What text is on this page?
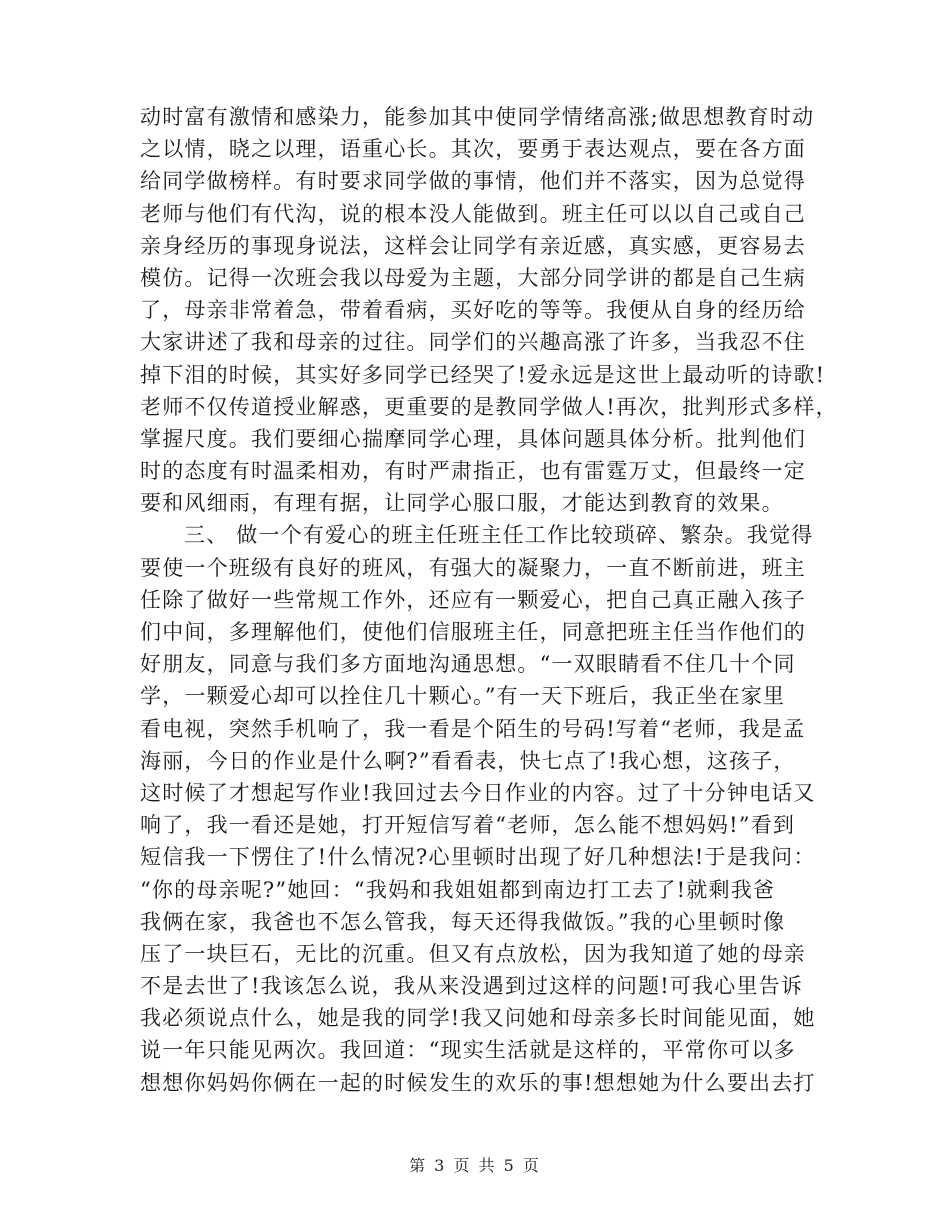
动时富有激情和感染力，能参加其中使同学情绪高涨;做思想教育时动
之以情，晓之以理，语重心长。其次，要勇于表达观点，要在各方面
给同学做榜样。有时要求同学做的事情，他们并不落实，因为总觉得
老师与他们有代沟，说的根本没人能做到。班主任可以以自己或自己
亲身经历的事现身说法，这样会让同学有亲近感，真实感，更容易去
模仿。记得一次班会我以母爱为主题，大部分同学讲的都是自己生病
了，母亲非常着急，带着看病，买好吃的等等。我便从自身的经历给
大家讲述了我和母亲的过往。同学们的兴趣高涨了许多，当我忍不住
掉下泪的时候，其实好多同学已经哭了!爱永远是这世上最动听的诗歌!
老师不仅传道授业解惑，更重要的是教同学做人!再次，批判形式多样，
掌握尺度。我们要细心揣摩同学心理，具体问题具体分析。批判他们
时的态度有时温柔相劝，有时严肃指正，也有雷霆万丈，但最终一定
要和风细雨，有理有据，让同学心服口服，才能达到教育的效果。
三、 做一个有爱心的班主任班主任工作比较琐碎、繁杂。我觉得
要使一个班级有良好的班风，有强大的凝聚力，一直不断前进，班主
任除了做好一些常规工作外，还应有一颗爱心，把自己真正融入孩子
们中间，多理解他们，使他们信服班主任，同意把班主任当作他们的
好朋友，同意与我们多方面地沟通思想。“一双眼睛看不住几十个同
学，一颗爱心却可以拴住几十颗心。”有一天下班后，我正坐在家里
看电视，突然手机响了，我一看是个陌生的号码!写着“老师，我是孟
海丽，今日的作业是什么啊?”看看表，快七点了!我心想，这孩子，
这时候了才想起写作业!我回过去今日作业的内容。过了十分钟电话又
响了，我一看还是她，打开短信写着“老师，怎么能不想妈妈!”看到
短信我一下愣住了!什么情况?心里顿时出现了好几种想法!于是我问：
“你的母亲呢?”她回：“我妈和我姐姐都到南边打工去了!就剩我爸
我俩在家，我爸也不怎么管我，每天还得我做饭。”我的心里顿时像
压了一块巨石，无比的沉重。但又有点放松，因为我知道了她的母亲
不是去世了!我该怎么说，我从来没遇到过这样的问题!可我心里告诉
我必须说点什么，她是我的同学!我又问她和母亲多长时间能见面，她
说一年只能见两次。我回道：“现实生活就是这样的，平常你可以多
想想你妈妈你俩在一起的时候发生的欢乐的事!想想她为什么要出去打
第 3 页 共 5 页
